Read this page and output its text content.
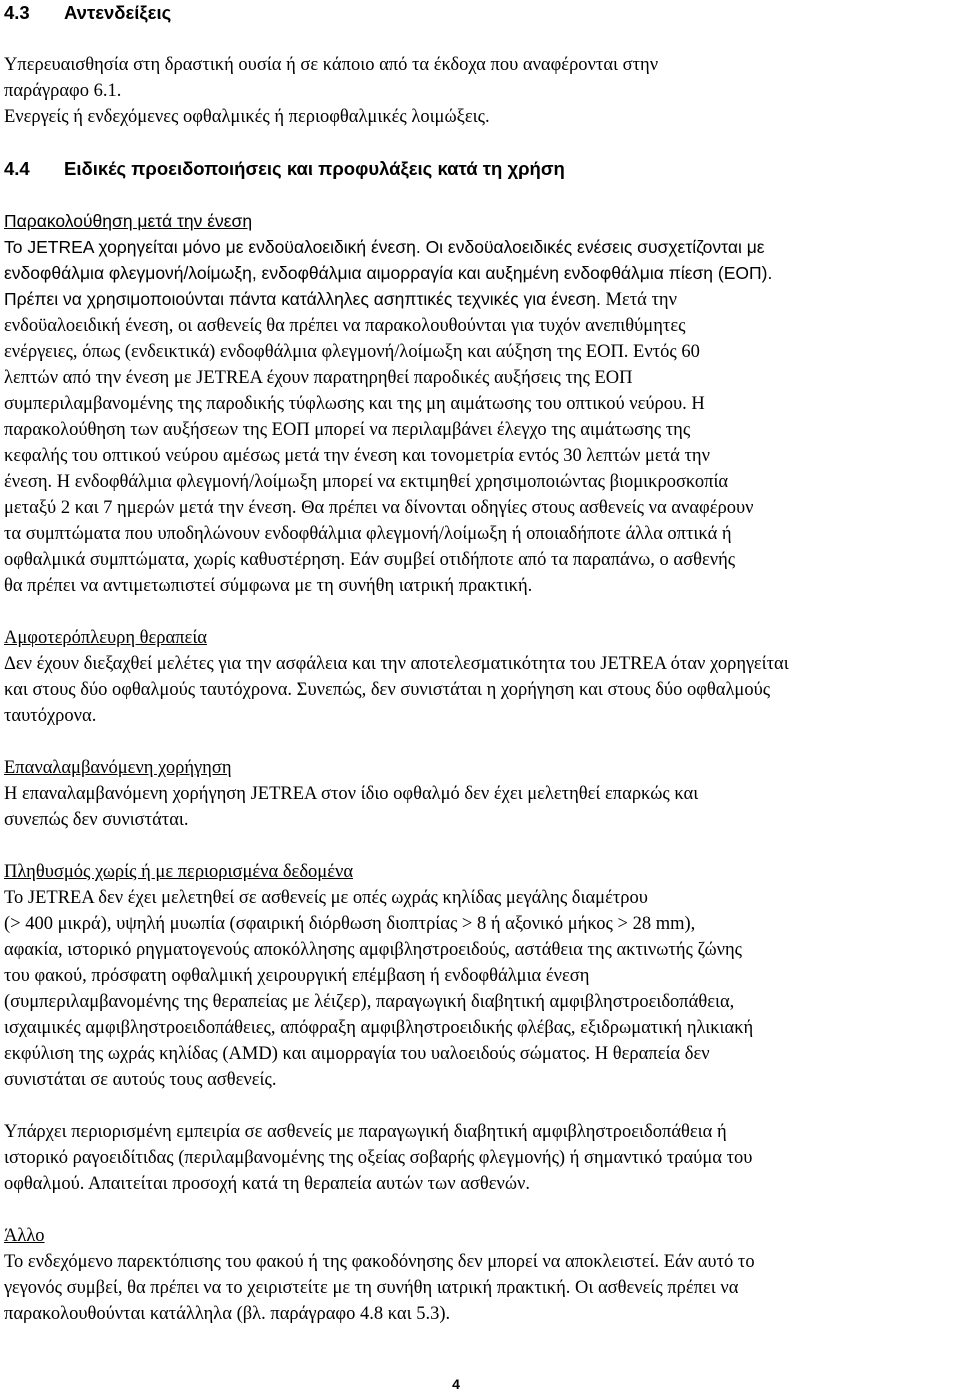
4.3 Αντενδείξεις
Υπερευαισθησία στη δραστική ουσία ή σε κάποιο από τα έκδοχα που αναφέρονται στην
παράγραφο 6.1.
Ενεργείς ή ενδεχόμενες οφθαλμικές ή περιοφθαλμικές λοιμώξεις.
4.4 Ειδικές προειδοποιήσεις και προφυλάξεις κατά τη χρήση
Παρακολούθηση μετά την ένεση
Το JETREA χορηγείται μόνο με ενδοϋαλοειδική ένεση. Οι ενδοϋαλοειδικές ενέσεις συσχετίζονται με
ενδοφθάλμια φλεγμονή/λοίμωξη, ενδοφθάλμια αιμορραγία και αυξημένη ενδοφθάλμια πίεση (ΕΟΠ).
Πρέπει να χρησιμοποιούνται πάντα κατάλληλες ασηπτικές τεχνικές για ένεση. Μετά την
ενδοϋαλοειδική ένεση, οι ασθενείς θα πρέπει να παρακολουθούνται για τυχόν ανεπιθύμητες
ενέργειες, όπως (ενδεικτικά) ενδοφθάλμια φλεγμονή/λοίμωξη και αύξηση της ΕΟΠ. Εντός 60
λεπτών από την ένεση με JETREA έχουν παρατηρηθεί παροδικές αυξήσεις της ΕΟΠ
συμπεριλαμβανομένης της παροδικής τύφλωσης και της μη αιμάτωσης του οπτικού νεύρου. Η
παρακολούθηση των αυξήσεων της ΕΟΠ μπορεί να περιλαμβάνει έλεγχο της αιμάτωσης της
κεφαλής του οπτικού νεύρου αμέσως μετά την ένεση και τονομετρία εντός 30 λεπτών μετά την
ένεση. Η ενδοφθάλμια φλεγμονή/λοίμωξη μπορεί να εκτιμηθεί χρησιμοποιώντας βιομικροσκοπία
μεταξύ 2 και 7 ημερών μετά την ένεση. Θα πρέπει να δίνονται οδηγίες στους ασθενείς να αναφέρουν
τα συμπτώματα που υποδηλώνουν ενδοφθάλμια φλεγμονή/λοίμωξη ή οποιαδήποτε άλλα οπτικά ή
οφθαλμικά συμπτώματα, χωρίς καθυστέρηση. Εάν συμβεί οτιδήποτε από τα παραπάνω, ο ασθενής
θα πρέπει να αντιμετωπιστεί σύμφωνα με τη συνήθη ιατρική πρακτική.
Αμφοτερόπλευρη θεραπεία
Δεν έχουν διεξαχθεί μελέτες για την ασφάλεια και την αποτελεσματικότητα του JETREA όταν χορηγείται
και στους δύο οφθαλμούς ταυτόχρονα. Συνεπώς, δεν συνιστάται η χορήγηση και στους δύο οφθαλμούς
ταυτόχρονα.
Επαναλαμβανόμενη χορήγηση
Η επαναλαμβανόμενη χορήγηση JETREA στον ίδιο οφθαλμό δεν έχει μελετηθεί επαρκώς και
συνεπώς δεν συνιστάται.
Πληθυσμός χωρίς ή με περιορισμένα δεδομένα
Το JETREA δεν έχει μελετηθεί σε ασθενείς με οπές ωχράς κηλίδας μεγάλης διαμέτρου
(> 400 μικρά), υψηλή μυωπία (σφαιρική διόρθωση διοπτρίας > 8 ή αξονικό μήκος > 28 mm),
αφακία, ιστορικό ρηγματογενούς αποκόλλησης αμφιβληστροειδούς, αστάθεια της ακτινωτής ζώνης
του φακού, πρόσφατη οφθαλμική χειρουργική επέμβαση ή ενδοφθάλμια ένεση
(συμπεριλαμβανομένης της θεραπείας με λέιζερ), παραγωγική διαβητική αμφιβληστροειδοπάθεια,
ισχαιμικές αμφιβληστροειδοπάθειες, απόφραξη αμφιβληστροειδικής φλέβας, εξιδρωματική ηλικιακή
εκφύλιση της ωχράς κηλίδας (AMD) και αιμορραγία του υαλοειδούς σώματος. Η θεραπεία δεν
συνιστάται σε αυτούς τους ασθενείς.
Υπάρχει περιορισμένη εμπειρία σε ασθενείς με παραγωγική διαβητική αμφιβληστροειδοπάθεια ή
ιστορικό ραγοειδίτιδας (περιλαμβανομένης της οξείας σοβαρής φλεγμονής) ή σημαντικό τραύμα του
οφθαλμού. Απαιτείται προσοχή κατά τη θεραπεία αυτών των ασθενών.
Άλλο
Το ενδεχόμενο παρεκτόπισης του φακού ή της φακοδόνησης δεν μπορεί να αποκλειστεί. Εάν αυτό το
γεγονός συμβεί, θα πρέπει να το χειριστείτε με τη συνήθη ιατρική πρακτική. Οι ασθενείς πρέπει να
παρακολουθούνται κατάλληλα (βλ. παράγραφο 4.8 και 5.3).
4
